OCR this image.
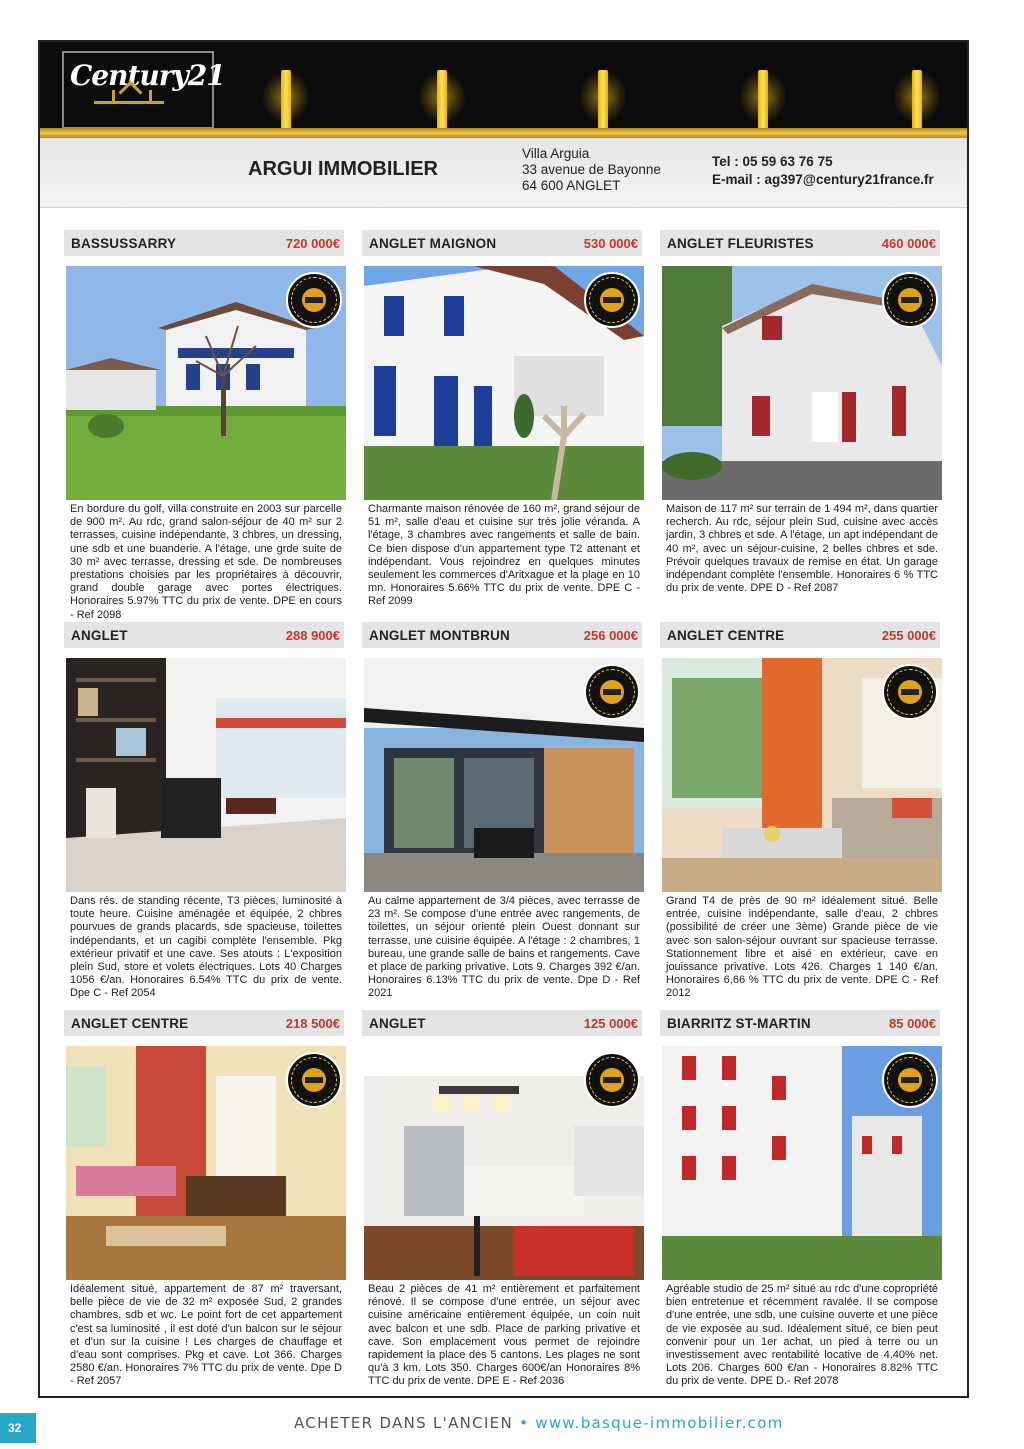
Century21
ARGUI IMMOBILIER
Villa Arguia
33 avenue de Bayonne
64 600 ANGLET
Tel : 05 59 63 76 75
E-mail : ag397@century21france.fr
BASSUSSARRY	720 000€
En bordure du golf, villa construite en 2003 sur parcelle de 900 m². Au rdc, grand salon-séjour de 40 m² sur 2 terrasses, cuisine indépendante, 3 chbres, un dressing, une sdb et une buanderie. A l'étage, une grde suite de 30 m² avec terrasse, dressing et sde. De nombreuses prestations choisies par les propriétaires à découvrir, grand double garage avec portes électriques. Honoraires 5.97% TTC du prix de vente. DPE en cours - Ref 2098
ANGLET MAIGNON	530 000€
Charmante maison rénovée de 160 m², grand séjour de 51 m², salle d'eau et cuisine sur très jolie véranda. A l'étage, 3 chambres avec rangements et salle de bain. Ce bien dispose d'un appartement type T2 attenant et indépendant. Vous rejoindrez en quelques minutes seulement les commerces d'Aritxague et la plage en 10 mn. Honoraires 5.66% TTC du prix de vente. DPE C - Ref 2099
ANGLET FLEURISTES	460 000€
Maison de 117 m² sur terrain de 1 494 m², dans quartier recherch. Au rdc, séjour plein Sud, cuisine avec accès jardin, 3 chbres et sde. A l'étage, un apt indépendant de 40 m², avec un séjour-cuisine, 2 belles chbres et sde. Prévoir quelques travaux de remise en état. Un garage indépendant complète l'ensemble. Honoraires 6 % TTC du prix de vente. DPE D - Ref 2087
ANGLET	288 900€
Dans rés. de standing récente, T3 pièces, luminosité à toute heure. Cuisine aménagée et équipée, 2 chbres pourvues de grands placards, sde spacieuse, toilettes indépendants, et un cagibi complète l'ensemble. Pkg extérieur privatif et une cave. Ses atouts : L'exposition plein Sud, store et volets électriques. Lots 40 Charges 1056 €/an. Honoraires 6.54% TTC du prix de vente. Dpe C - Ref 2054
ANGLET MONTBRUN	256 000€
Au calme appartement de 3/4 pièces, avec terrasse de 23 m². Se compose d'une entrée avec rangements, de toilettes, un séjour orienté plein Ouest donnant sur terrasse, une cuisine équipée. A l'étage : 2 chambres, 1 bureau, une grande salle de bains et rangements. Cave et place de parking privative. Lots 9. Charges 392 €/an. Honoraires 6.13% TTC du prix de vente. Dpe D - Ref 2021
ANGLET CENTRE	255 000€
Grand T4 de près de 90 m² idéalement situé. Belle entrée, cuisine indépendante, salle d'eau, 2 chbres (possibilité de créer une 3ème) Grande pièce de vie avec son salon-séjour ouvrant sur spacieuse terrasse. Stationnement libre et aisé en extérieur, cave en jouissance privative. Lots 426. Charges 1 140 €/an. Honoraires 6,66 % TTC du prix de vente. DPE C - Ref 2012
ANGLET CENTRE	218 500€
Idéalement situé, appartement de 87 m² traversant, belle pièce de vie de 32 m² exposée Sud, 2 grandes chambres, sdb et wc. Le point fort de cet appartement c'est sa luminosité , il est doté d'un balcon sur le séjour et d'un sur la cuisine ! Les charges de chauffage et d'eau sont comprises. Pkg et cave. Lot 366. Charges 2580 €/an. Honoraires 7% TTC du prix de vente. Dpe D - Ref 2057
ANGLET	125 000€
Beau 2 pièces de 41 m² entièrement et parfaitement rénové. Il se compose d'une entrée, un séjour avec cuisine américaine entièrement équipée, un coin nuit avec balcon et une sdb. Place de parking privative et cave. Son emplacement vous permet de rejoindre rapidement la place des 5 cantons. Les plages ne sont qu'à 3 km. Lots 350. Charges 600€/an Honoraires 8% TTC du prix de vente. DPE E - Ref 2036
BIARRITZ ST-MARTIN	85 000€
Agréable studio de 25 m² situé au rdc d'une copropriété bien entretenue et récemment ravalée. Il se compose d'une entrée, une sdb, une cuisine ouverte et une pièce de vie exposée au sud. Idéalement situé, ce bien peut convenir pour un 1er achat, un pied à terre ou un investissement avec rentabilité locative de 4.40% net. Lots 206. Charges 600 €/an - Honoraires 8.82% TTC du prix de vente. DPE D.- Ref 2078
32	ACHETER DANS L'ANCIEN • www.basque-immobilier.com
